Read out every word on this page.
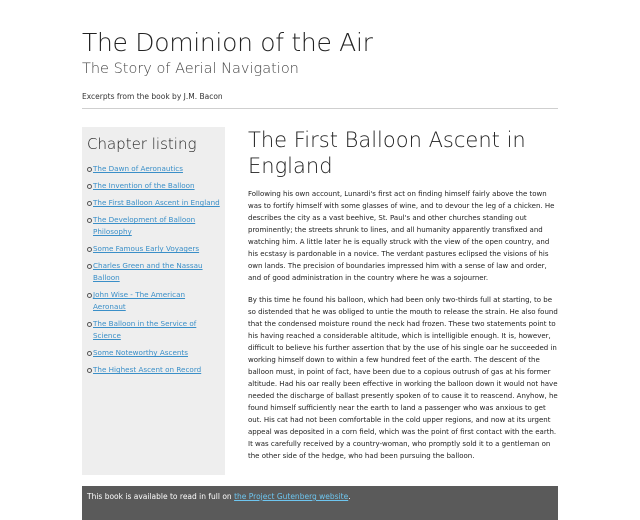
The Dominion of the Air
The Story of Aerial Navigation
Excerpts from the book by J.M. Bacon
Chapter listing
The Dawn of Aeronautics
The Invention of the Balloon
The First Balloon Ascent in England
The Development of Balloon Philosophy
Some Famous Early Voyagers
Charles Green and the Nassau Balloon
John Wise - The American Aeronaut
The Balloon in the Service of Science
Some Noteworthy Ascents
The Highest Ascent on Record
The First Balloon Ascent in England

Following his own account, Lunardi's first act on finding himself fairly above the town was to fortify himself with some glasses of wine, and to devour the leg of a chicken. He describes the city as a vast beehive, St. Paul's and other churches standing out prominently; the streets shrunk to lines, and all humanity apparently transfixed and watching him. A little later he is equally struck with the view of the open country, and his ecstasy is pardonable in a novice. The verdant pastures eclipsed the visions of his own lands. The precision of boundaries impressed him with a sense of law and order, and of good administration in the country where he was a sojourner.

By this time he found his balloon, which had been only two-thirds full at starting, to be so distended that he was obliged to untie the mouth to release the strain. He also found that the condensed moisture round the neck had frozen. These two statements point to his having reached a considerable altitude, which is intelligible enough. It is, however, difficult to believe his further assertion that by the use of his single oar he succeeded in working himself down to within a few hundred feet of the earth. The descent of the balloon must, in point of fact, have been due to a copious outrush of gas at his former altitude. Had his oar really been effective in working the balloon down it would not have needed the discharge of ballast presently spoken of to cause it to reascend. Anyhow, he found himself sufficiently near the earth to land a passenger who was anxious to get out. His cat had not been comfortable in the cold upper regions, and now at its urgent appeal was deposited in a corn field, which was the point of first contact with the earth. It was carefully received by a country-woman, who promptly sold it to a gentleman on the other side of the hedge, who had been pursuing the balloon.

This book is available to read in full on the Project Gutenberg website.
